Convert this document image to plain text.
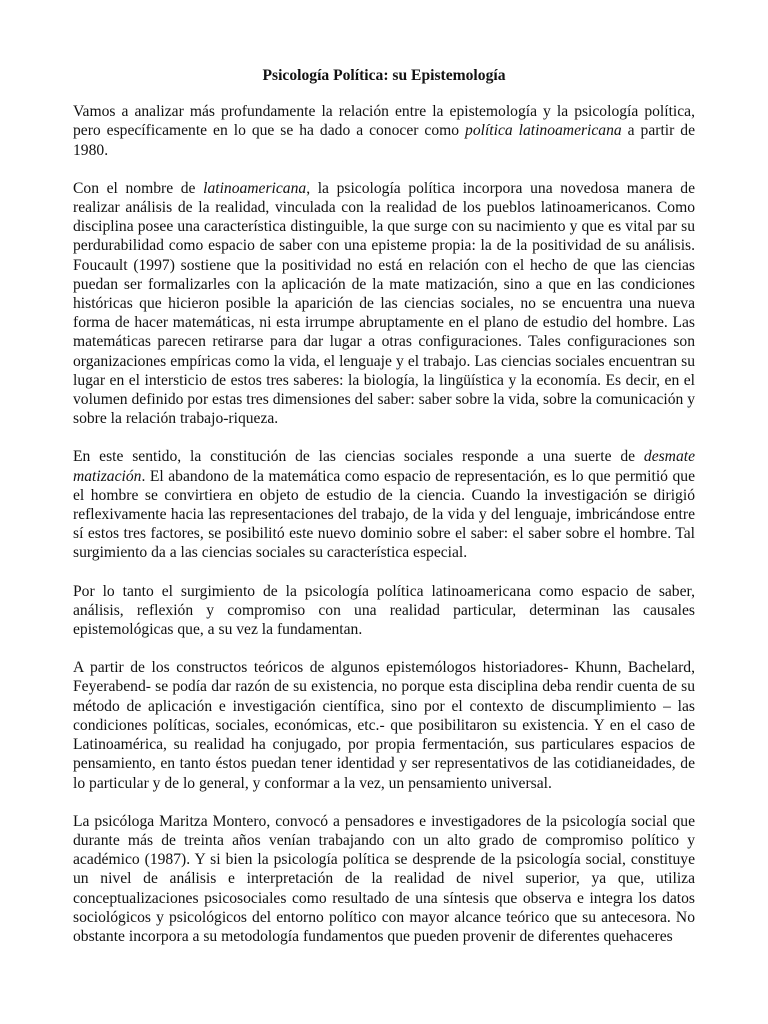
Psicología Política: su Epistemología

Vamos a analizar más profundamente la relación entre la epistemología y la psicología política, pero específicamente en lo que se ha dado a conocer como política latinoamericana a partir de 1980.

Con el nombre de latinoamericana, la psicología política incorpora una novedosa manera de realizar análisis de la realidad, vinculada con la realidad de los pueblos latinoamericanos. Como disciplina posee una característica distinguible, la que surge con su nacimiento y que es vital par su perdurabilidad como espacio de saber con una episteme propia: la de la positividad de su análisis. Foucault (1997) sostiene que la positividad no está en relación con el hecho de que las ciencias puedan ser formalizarles con la aplicación de la mate matización, sino a que en las condiciones históricas que hicieron posible la aparición de las ciencias sociales, no se encuentra una nueva forma de hacer matemáticas, ni esta irrumpe abruptamente en el plano de estudio del hombre. Las matemáticas parecen retirarse para dar lugar a otras configuraciones. Tales configuraciones son organizaciones empíricas como la vida, el lenguaje y el trabajo. Las ciencias sociales encuentran su lugar en el intersticio de estos tres saberes: la biología, la lingüística y la economía. Es decir, en el volumen definido por estas tres dimensiones del saber: saber sobre la vida, sobre la comunicación y sobre la relación trabajo-riqueza.

En este sentido, la constitución de las ciencias sociales responde a una suerte de desmate matización. El abandono de la matemática como espacio de representación, es lo que permitió que el hombre se convirtiera en objeto de estudio de la ciencia. Cuando la investigación se dirigió reflexivamente hacia las representaciones del trabajo, de la vida y del lenguaje, imbricándose entre sí estos tres factores, se posibilitó este nuevo dominio sobre el saber: el saber sobre el hombre. Tal surgimiento da a las ciencias sociales su característica especial.

Por lo tanto el surgimiento de la psicología política latinoamericana como espacio de saber, análisis, reflexión y compromiso con una realidad particular, determinan las causales epistemológicas que, a su vez la fundamentan.

A partir de los constructos teóricos de algunos epistemólogos historiadores- Khunn, Bachelard, Feyerabend- se podía dar razón de su existencia, no porque esta disciplina deba rendir cuenta de su método de aplicación e investigación científica, sino por el contexto de discumplimiento – las condiciones políticas, sociales, económicas, etc.- que posibilitaron su existencia. Y en el caso de Latinoamérica, su realidad ha conjugado, por propia fermentación, sus particulares espacios de pensamiento, en tanto éstos puedan tener identidad y ser representativos de las cotidianeidades, de lo particular y de lo general, y conformar a la vez, un pensamiento universal.

La psicóloga Maritza Montero, convocó a pensadores e investigadores de la psicología social que durante más de treinta años venían trabajando con un alto grado de compromiso político y académico (1987). Y si bien la psicología política se desprende de la psicología social, constituye un nivel de análisis e interpretación de la realidad de nivel superior, ya que, utiliza conceptualizaciones psicosociales como resultado de una síntesis que observa e integra los datos sociológicos y psicológicos del entorno político con mayor alcance teórico que su antecesora. No obstante incorpora a su metodología fundamentos que pueden provenir de diferentes quehaceres
